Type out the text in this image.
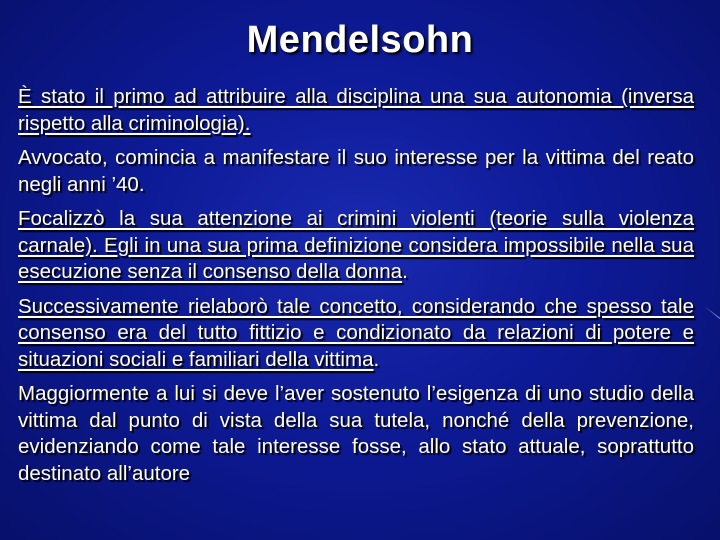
Mendelsohn

È stato il primo ad attribuire alla disciplina una sua autonomia (inversa rispetto alla criminologia).

Avvocato, comincia a manifestare il suo interesse per la vittima del reato negli anni ’40.

Focalizzò la sua attenzione ai crimini violenti (teorie sulla violenza carnale). Egli in una sua prima definizione considera impossibile nella sua esecuzione senza il consenso della donna.

Successivamente rielaborò tale concetto, considerando che spesso tale consenso era del tutto fittizio e condizionato da relazioni di potere e situazioni sociali e familiari della vittima.

Maggiormente a lui si deve l’aver sostenuto l’esigenza di uno studio della vittima dal punto di vista della sua tutela, nonché della prevenzione, evidenziando come tale interesse fosse, allo stato attuale, soprattutto destinato all’autore
